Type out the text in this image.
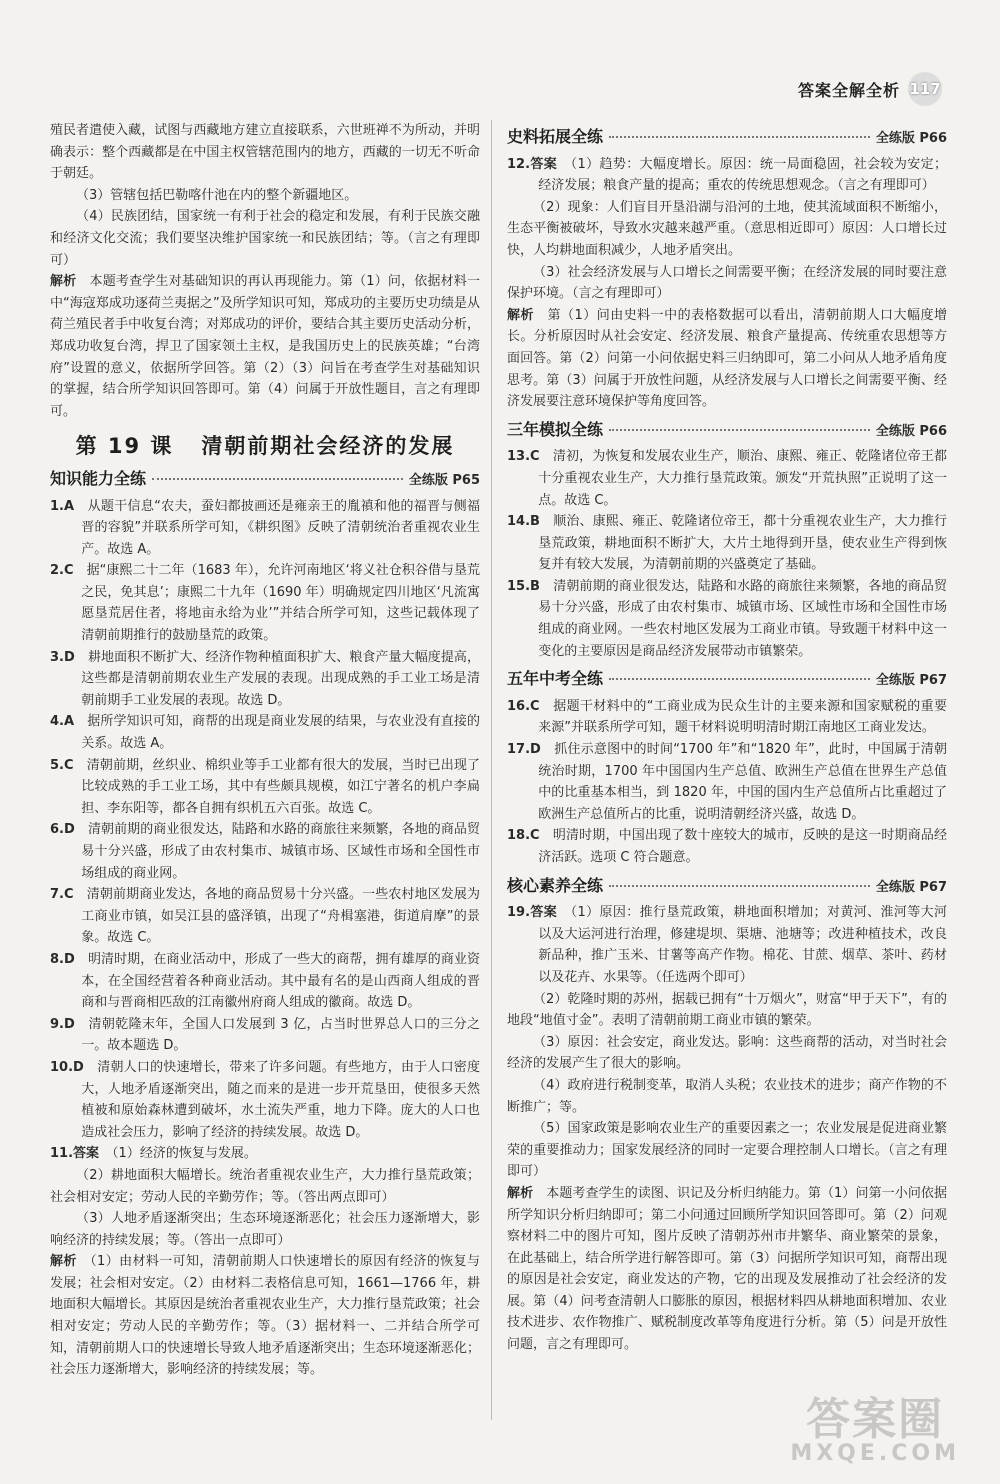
答案全解全析 117

殖民者遣使入藏，试图与西藏地方建立直接联系，六世班禅不为所动，并明确表示：整个西藏都是在中国主权管辖范围内的地方，西藏的一切无不听命于朝廷。

（3）管辖包括巴勒喀什池在内的整个新疆地区。

（4）民族团结，国家统一有利于社会的稳定和发展，有利于民族交融和经济文化交流；我们要坚决维护国家统一和民族团结；等。（言之有理即可）

解析　 本题考查学生对基础知识的再认再现能力。第（1）问，依据材料一中“海寇郑成功逐荷兰夷据之”及所学知识可知，郑成功的主要历史功绩是从荷兰殖民者手中收复台湾；对郑成功的评价，要结合其主要历史活动分析，郑成功收复台湾，捍卫了国家领土主权，是我国历史上的民族英雄；“台湾府”设置的意义，依据所学回答。第（2）（3）问旨在考查学生对基础知识的掌握，结合所学知识回答即可。第（4）问属于开放性题目，言之有理即可。

第 19 课 清朝前期社会经济的发展
知识能力全练	全练版 P65

1.A　 从题干信息“农夫，蚕妇都披画还是雍亲王的胤禛和他的福晋与侧福晋的容貌”并联系所学可知，《耕织图》反映了清朝统治者重视农业生产。故选 A。

2.C　 据“康熙二十二年（1683 年），允许河南地区‘将义社仓积谷借与垦荒之民，免其息’；康熙二十九年（1690 年）明确规定四川地区‘凡流寓愿垦荒居住者，将地亩永给为业’”并结合所学可知，这些记载体现了清朝前期推行的鼓励垦荒的政策。

3.D　 耕地面积不断扩大、经济作物种植面积扩大、粮食产量大幅度提高，这些都是清朝前期农业生产发展的表现。出现成熟的手工业工场是清朝前期手工业发展的表现。故选 D。

4.A　 据所学知识可知，商帮的出现是商业发展的结果，与农业没有直接的关系。故选 A。

5.C　 清朝前期，丝织业、棉织业等手工业都有很大的发展，当时已出现了比较成熟的手工业工场，其中有些颇具规模，如江宁著名的机户李扁担、李东阳等，都各自拥有织机五六百张。故选 C。

6.D　 清朝前期的商业很发达，陆路和水路的商旅往来频繁，各地的商品贸易十分兴盛，形成了由农村集市、城镇市场、区域性市场和全国性市场组成的商业网。

7.C　 清朝前期商业发达，各地的商品贸易十分兴盛。一些农村地区发展为工商业市镇，如吴江县的盛泽镇，出现了“舟楫塞港，街道肩摩”的景象。故选 C。

8.D　 明清时期，在商业活动中，形成了一些大的商帮，拥有雄厚的商业资本，在全国经营着各种商业活动。其中最有名的是山西商人组成的晋商和与晋商相匹敌的江南徽州府商人组成的徽商。故选 D。

9.D　 清朝乾隆末年，全国人口发展到 3 亿，占当时世界总人口的三分之一。故本题选 D。

10.D　 清朝人口的快速增长，带来了许多问题。有些地方，由于人口密度大，人地矛盾逐渐突出，随之而来的是进一步开荒垦田，使很多天然植被和原始森林遭到破坏，水土流失严重，地力下降。庞大的人口也造成社会压力，影响了经济的持续发展。故选 D。

11.答案　 （1）经济的恢复与发展。

（2）耕地面积大幅增长。统治者重视农业生产，大力推行垦荒政策；社会相对安定；劳动人民的辛勤劳作；等。（答出两点即可）

（3）人地矛盾逐渐突出；生态环境逐渐恶化；社会压力逐渐增大，影响经济的持续发展；等。（答出一点即可）

解析　 （1）由材料一可知，清朝前期人口快速增长的原因有经济的恢复与发展；社会相对安定。（2）由材料二表格信息可知，1661—1766 年，耕地面积大幅增长。其原因是统治者重视农业生产，大力推行垦荒政策；社会相对安定；劳动人民的辛勤劳作；等。（3）据材料一、二并结合所学可知，清朝前期人口的快速增长导致人地矛盾逐渐突出；生态环境逐渐恶化；社会压力逐渐增大，影响经济的持续发展；等。

史料拓展全练	全练版 P66

12.答案　 （1）趋势：大幅度增长。原因：统一局面稳固，社会较为安定；经济发展；粮食产量的提高；重农的传统思想观念。（言之有理即可）

（2）现象：人们盲目开垦沿湖与沿河的土地，使其流域面积不断缩小，生态平衡被破坏，导致水灾越来越严重。（意思相近即可）原因：人口增长过快，人均耕地面积减少，人地矛盾突出。

（3）社会经济发展与人口增长之间需要平衡；在经济发展的同时要注意保护环境。（言之有理即可）

解析　 第（1）问由史料一中的表格数据可以看出，清朝前期人口大幅度增长。分析原因时从社会安定、经济发展、粮食产量提高、传统重农思想等方面回答。第（2）问第一小问依据史料三归纳即可，第二小问从人地矛盾角度思考。第（3）问属于开放性问题，从经济发展与人口增长之间需要平衡、经济发展要注意环境保护等角度回答。

三年模拟全练	全练版 P66

13.C　 清初，为恢复和发展农业生产，顺治、康熙、雍正、乾隆诸位帝王都十分重视农业生产，大力推行垦荒政策。颁发“开荒执照”正说明了这一点。故选 C。

14.B　 顺治、康熙、雍正、乾隆诸位帝王，都十分重视农业生产，大力推行垦荒政策，耕地面积不断扩大，大片土地得到开垦，使农业生产得到恢复并有较大发展，为清朝前期的兴盛奠定了基础。

15.B　 清朝前期的商业很发达，陆路和水路的商旅往来频繁，各地的商品贸易十分兴盛，形成了由农村集市、城镇市场、区域性市场和全国性市场组成的商业网。一些农村地区发展为工商业市镇。导致题干材料中这一变化的主要原因是商品经济发展带动市镇繁荣。

五年中考全练	全练版 P67

16.C　 据题干材料中的“工商业成为民众生计的主要来源和国家赋税的重要来源”并联系所学可知，题干材料说明明清时期江南地区工商业发达。

17.D　 抓住示意图中的时间“1700 年”和“1820 年”，此时，中国属于清朝统治时期，1700 年中国国内生产总值、欧洲生产总值在世界生产总值中的比重基本相当，到 1820 年，中国的国内生产总值所占比重超过了欧洲生产总值所占的比重，说明清朝经济兴盛，故选 D。

18.C　 明清时期，中国出现了数十座较大的城市，反映的是这一时期商品经济活跃。选项 C 符合题意。

核心素养全练	全练版 P67

19.答案　 （1）原因：推行垦荒政策，耕地面积增加；对黄河、淮河等大河以及大运河进行治理，修建堤坝、渠塘、池塘等；改进种植技术，改良新品种，推广玉米、甘薯等高产作物。棉花、甘蔗、烟草、茶叶、药材以及花卉、水果等。（任选两个即可）

（2）乾隆时期的苏州，据载已拥有“十万烟火”，财富“甲于天下”，有的地段“地值寸金”。表明了清朝前期工商业市镇的繁荣。

（3）原因：社会安定，商业发达。影响：这些商帮的活动，对当时社会经济的发展产生了很大的影响。

（4）政府进行税制变革，取消人头税；农业技术的进步；商产作物的不断推广；等。

（5）国家政策是影响农业生产的重要因素之一；农业发展是促进商业繁荣的重要推动力；国家发展经济的同时一定要合理控制人口增长。（言之有理即可）

解析　 本题考查学生的读图、识记及分析归纳能力。第（1）问第一小问依据所学知识分析归纳即可；第二小问通过回顾所学知识回答即可。第（2）问观察材料二中的图片可知，图片反映了清朝苏州市井繁华、商业繁荣的景象，在此基础上，结合所学进行解答即可。第（3）问据所学知识可知，商帮出现的原因是社会安定，商业发达的产物，它的出现及发展推动了社会经济的发展。第（4）问考查清朝人口膨胀的原因，根据材料四从耕地面积增加、农业技术进步、农作物推广、赋税制度改革等角度进行分析。第（5）问是开放性问题，言之有理即可。

答案圈
MXQE.COM
